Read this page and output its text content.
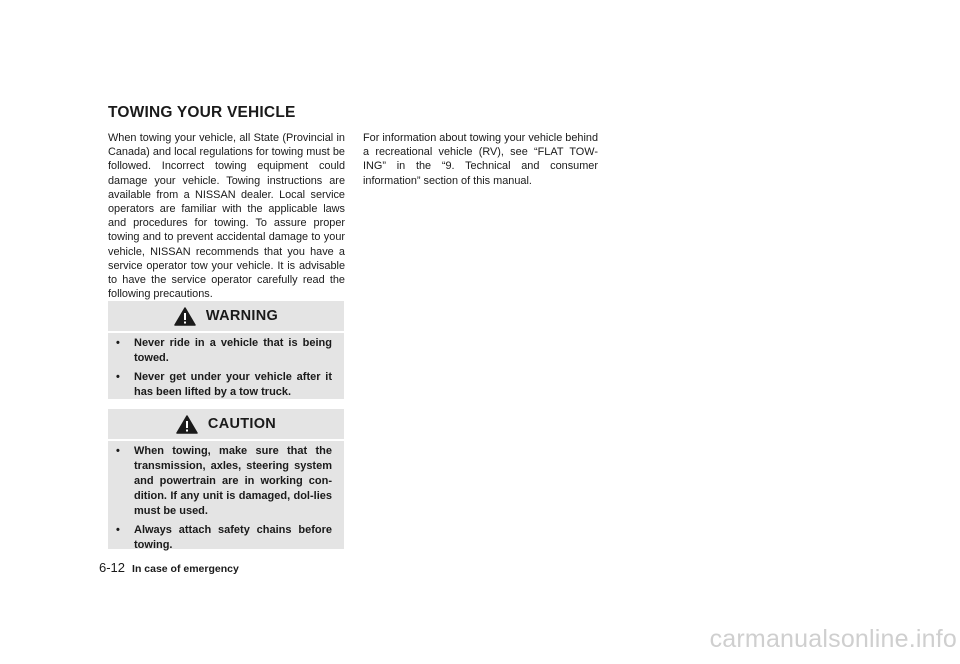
TOWING YOUR VEHICLE
When towing your vehicle, all State (Provincial in Canada) and local regulations for towing must be followed. Incorrect towing equipment could damage your vehicle. Towing instructions are available from a NISSAN dealer. Local service operators are familiar with the applicable laws and procedures for towing. To assure proper towing and to prevent accidental damage to your vehicle, NISSAN recommends that you have a service operator tow your vehicle. It is advisable to have the service operator carefully read the following precautions.
For information about towing your vehicle behind a recreational vehicle (RV), see “FLAT TOW-ING” in the “9. Technical and consumer information” section of this manual.
WARNING
•	Never ride in a vehicle that is being towed.
•	Never get under your vehicle after it has been lifted by a tow truck.
CAUTION
•	When towing, make sure that the transmission, axles, steering system and powertrain are in working con-dition. If any unit is damaged, dol-lies must be used.
•	Always attach safety chains before towing.
6-12 In case of emergency
carmanualsonline.info
